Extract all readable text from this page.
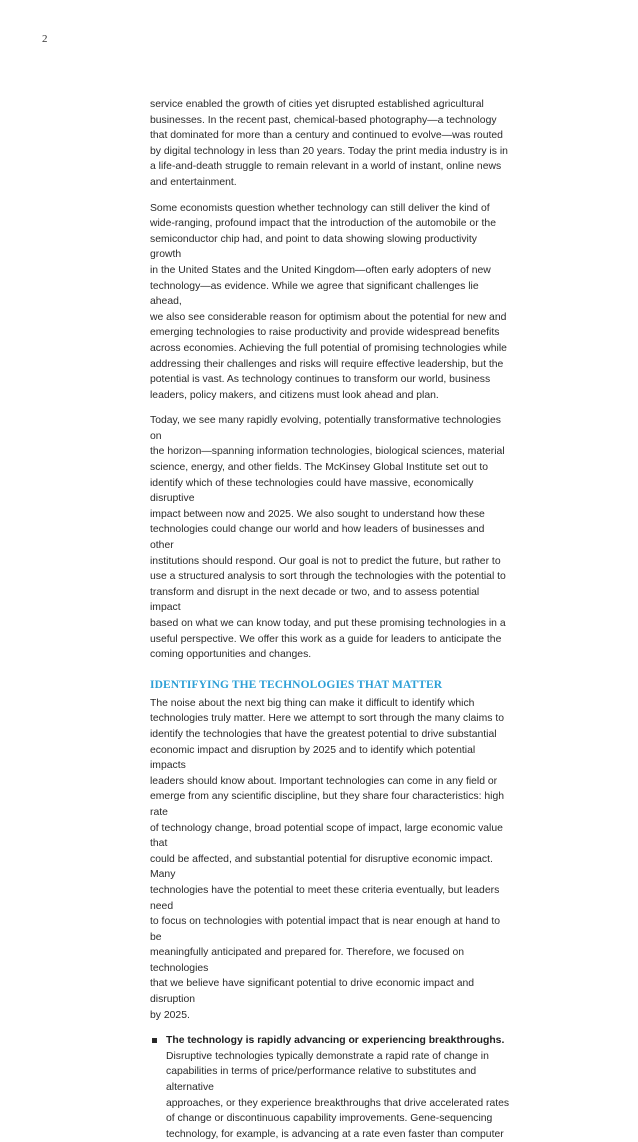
2

service enabled the growth of cities yet disrupted established agricultural
businesses. In the recent past, chemical-based photography—a technology
that dominated for more than a century and continued to evolve—was routed
by digital technology in less than 20 years. Today the print media industry is in
a life-and-death struggle to remain relevant in a world of instant, online news
and entertainment.

Some economists question whether technology can still deliver the kind of
wide-ranging, profound impact that the introduction of the automobile or the
semiconductor chip had, and point to data showing slowing productivity growth
in the United States and the United Kingdom—often early adopters of new
technology—as evidence. While we agree that significant challenges lie ahead,
we also see considerable reason for optimism about the potential for new and
emerging technologies to raise productivity and provide widespread benefits
across economies. Achieving the full potential of promising technologies while
addressing their challenges and risks will require effective leadership, but the
potential is vast. As technology continues to transform our world, business
leaders, policy makers, and citizens must look ahead and plan.

Today, we see many rapidly evolving, potentially transformative technologies on
the horizon—spanning information technologies, biological sciences, material
science, energy, and other fields. The McKinsey Global Institute set out to
identify which of these technologies could have massive, economically disruptive
impact between now and 2025. We also sought to understand how these
technologies could change our world and how leaders of businesses and other
institutions should respond. Our goal is not to predict the future, but rather to
use a structured analysis to sort through the technologies with the potential to
transform and disrupt in the next decade or two, and to assess potential impact
based on what we can know today, and put these promising technologies in a
useful perspective. We offer this work as a guide for leaders to anticipate the
coming opportunities and changes.

IDENTIFYING THE TECHNOLOGIES THAT MATTER

The noise about the next big thing can make it difficult to identify which
technologies truly matter. Here we attempt to sort through the many claims to
identify the technologies that have the greatest potential to drive substantial
economic impact and disruption by 2025 and to identify which potential impacts
leaders should know about. Important technologies can come in any field or
emerge from any scientific discipline, but they share four characteristics: high rate
of technology change, broad potential scope of impact, large economic value that
could be affected, and substantial potential for disruptive economic impact. Many
technologies have the potential to meet these criteria eventually, but leaders need
to focus on technologies with potential impact that is near enough at hand to be
meaningfully anticipated and prepared for. Therefore, we focused on technologies
that we believe have significant potential to drive economic impact and disruption
by 2025.

The technology is rapidly advancing or experiencing breakthroughs.

Disruptive technologies typically demonstrate a rapid rate of change in
capabilities in terms of price/performance relative to substitutes and alternative
approaches, or they experience breakthroughs that drive accelerated rates
of change or discontinuous capability improvements. Gene-sequencing
technology, for example, is advancing at a rate even faster than computer
